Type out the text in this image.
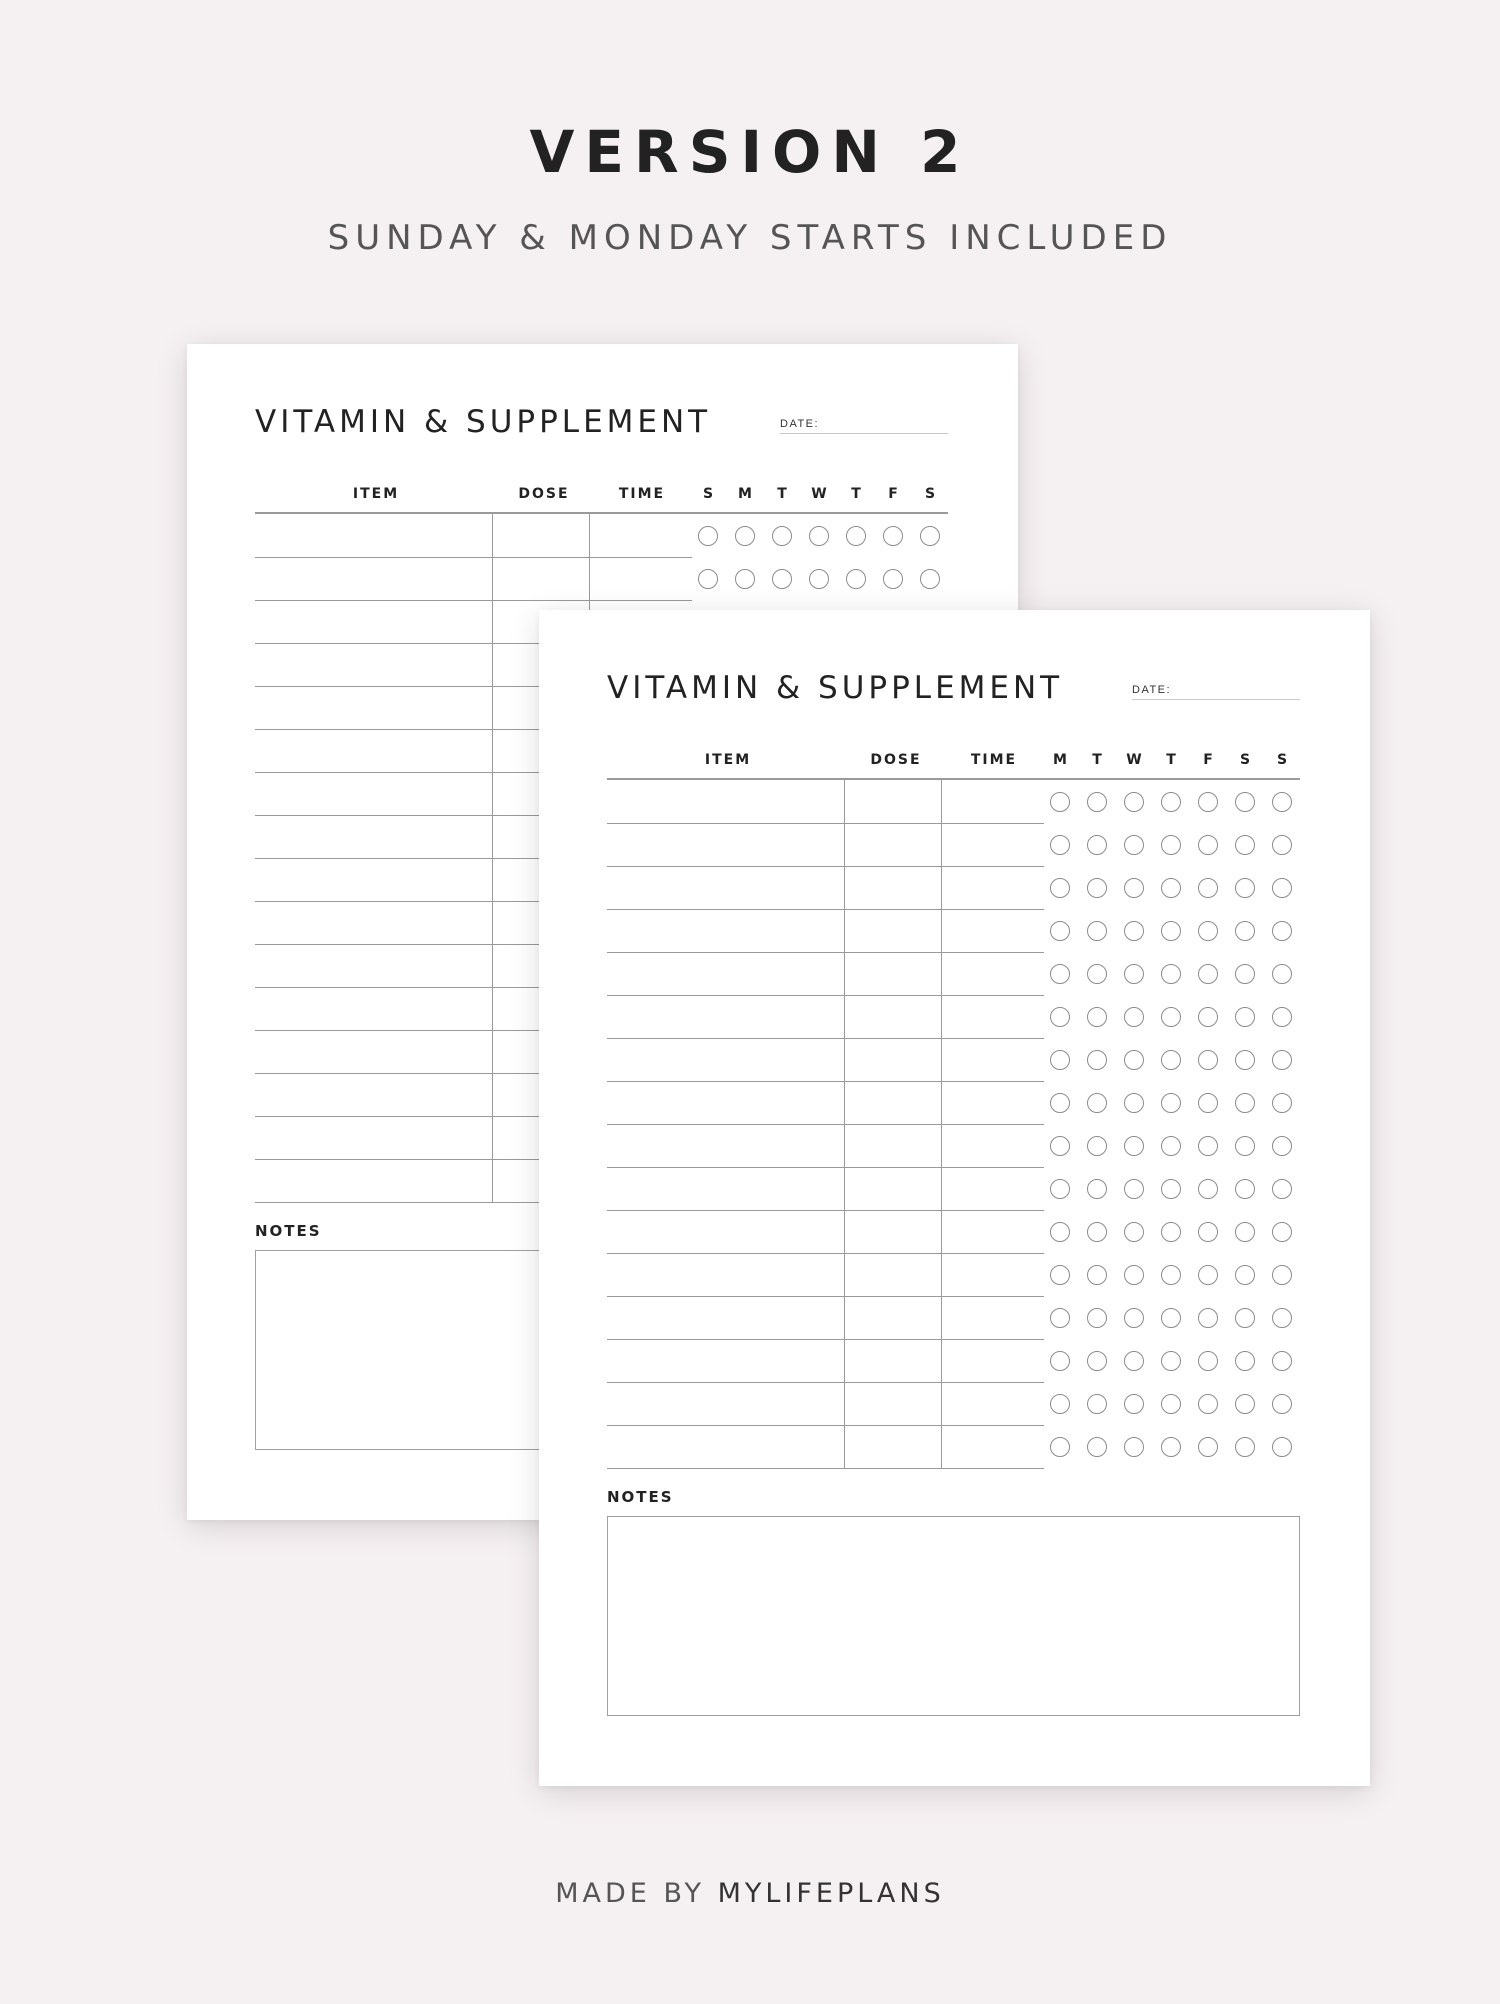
VERSION 2
SUNDAY & MONDAY STARTS INCLUDED
VITAMIN & SUPPLEMENT	DATE:
ITEM	DOSE	TIME	S	M	T	W	T	F	S
NOTES
VITAMIN & SUPPLEMENT	DATE:
ITEM	DOSE	TIME	M	T	W	T	F	S	S
NOTES
MADE BY MYLIFEPLANS
